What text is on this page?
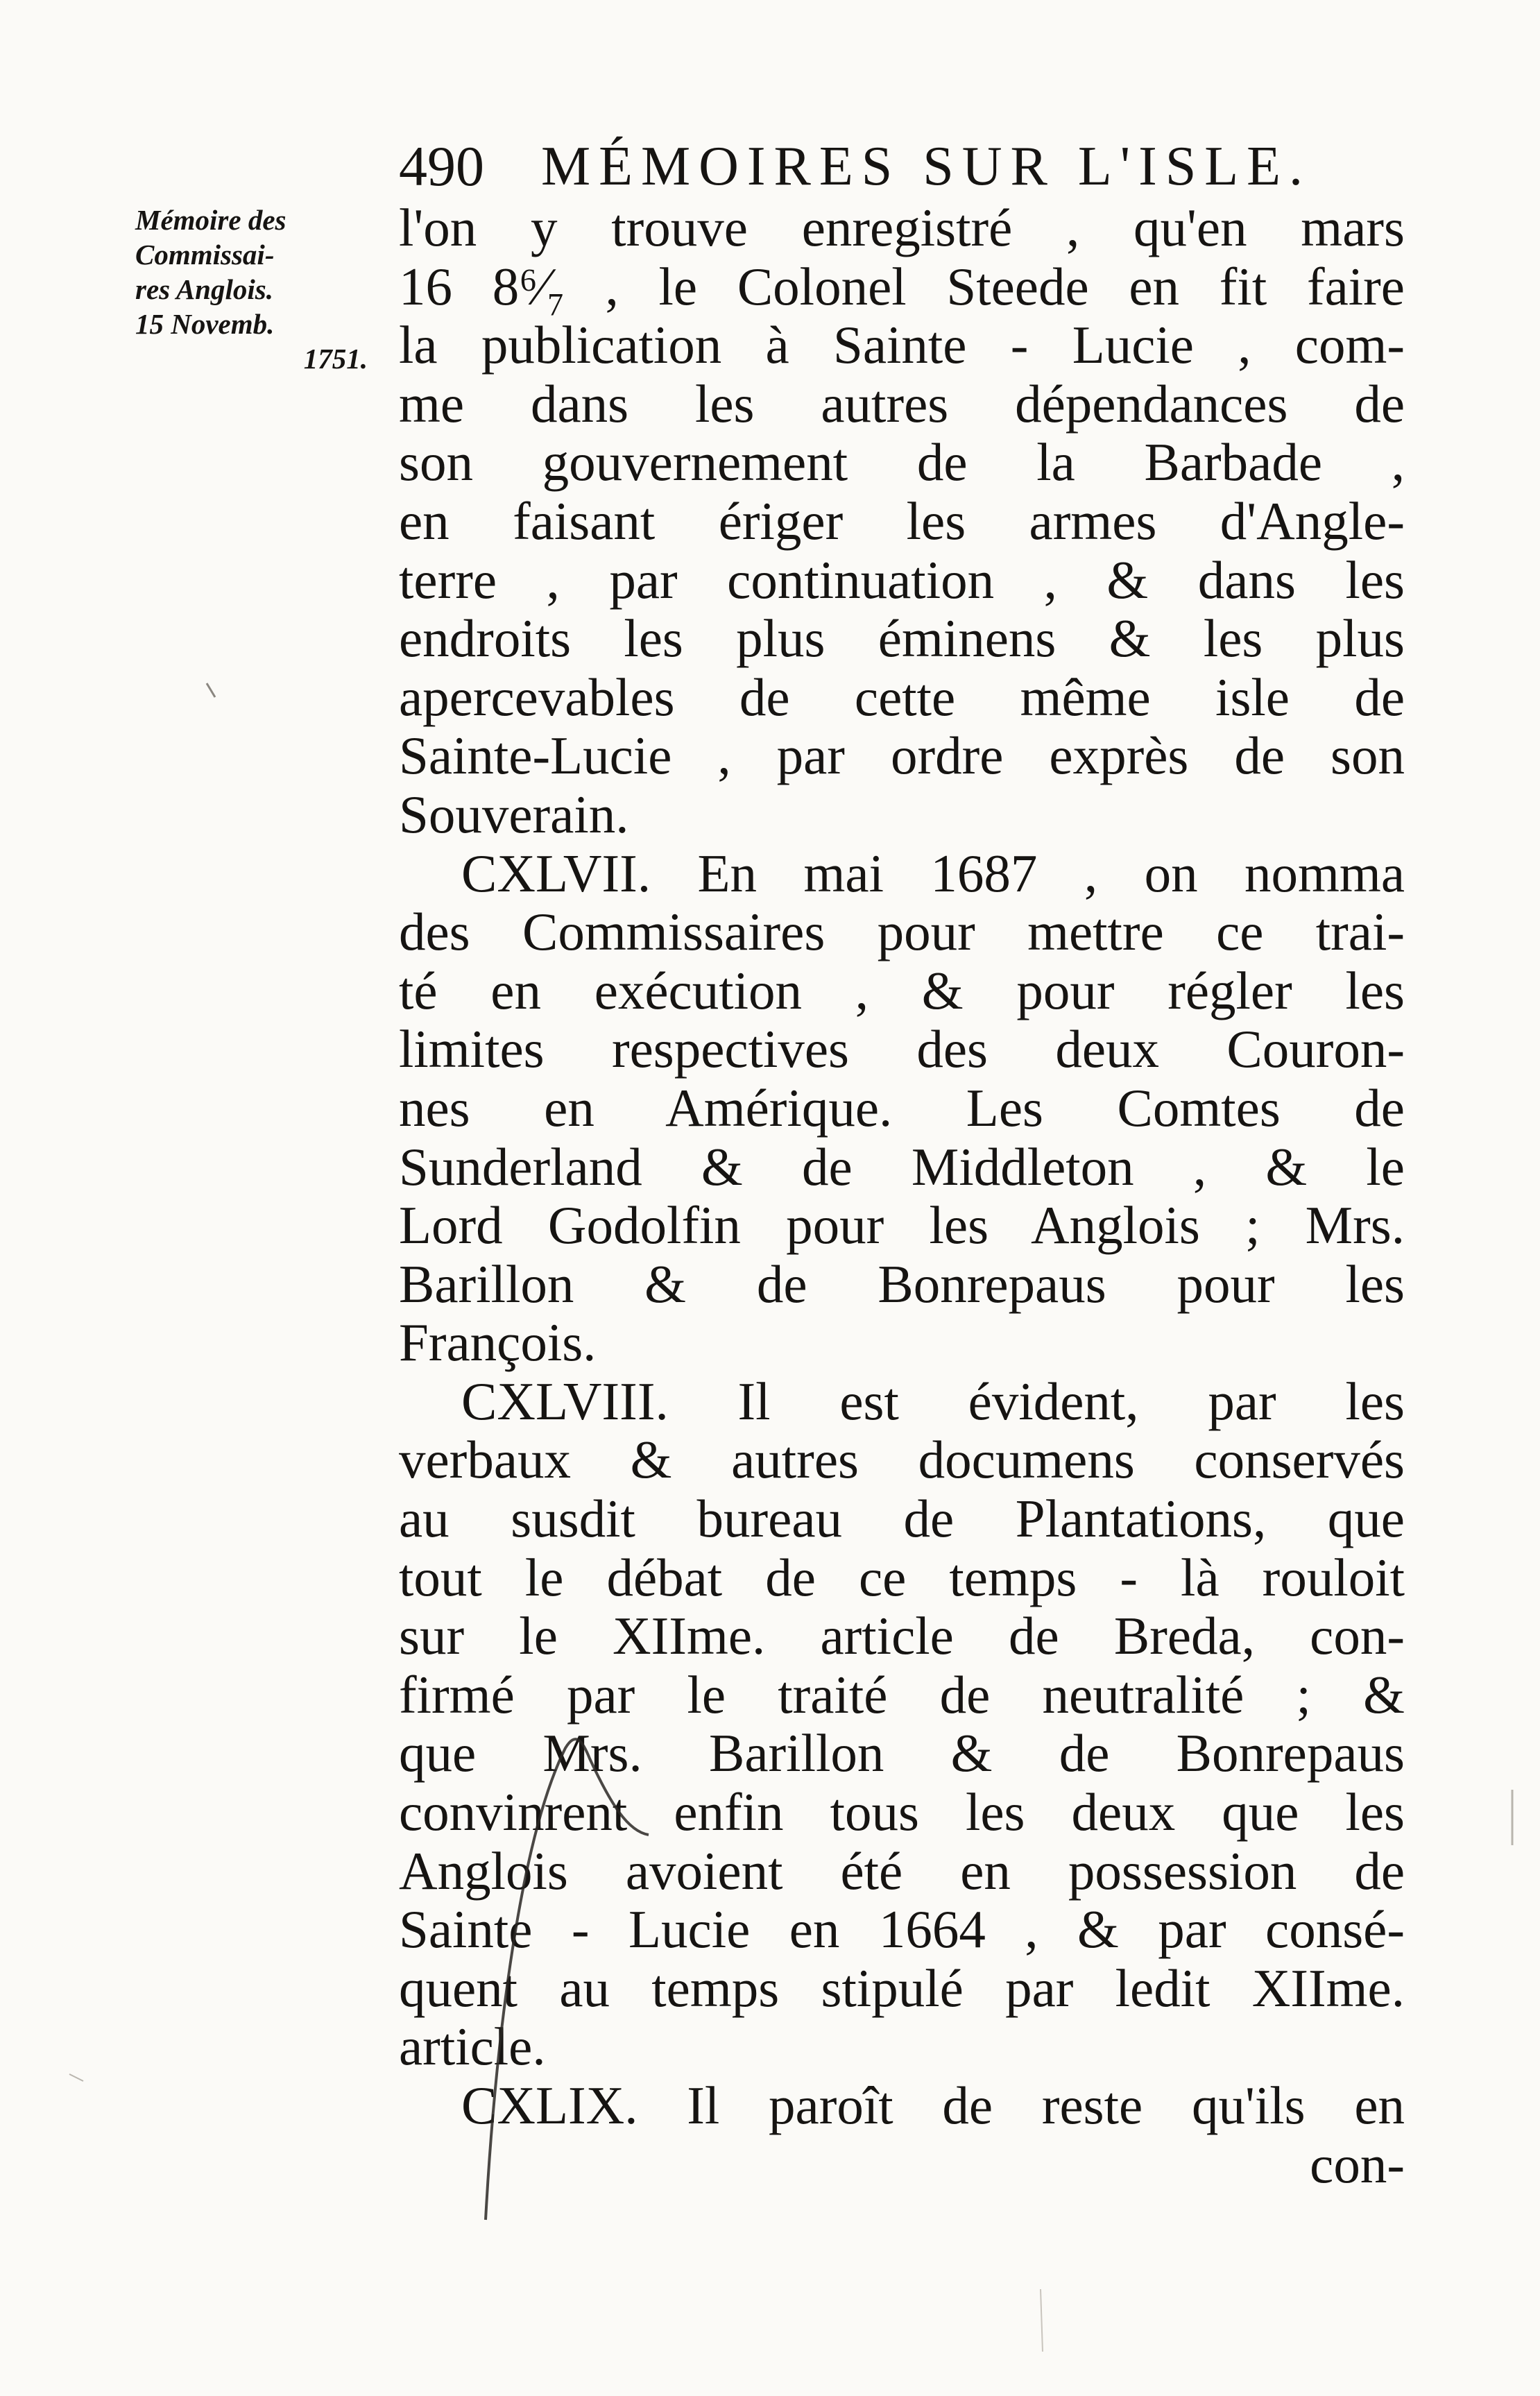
490 MÉMOIRES SUR L'ISLE.
Mémoire des
Commissai-
res Anglois.
15 Novemb.
1751.
l'on y trouve enregistré , qu'en mars
16 8⁶⁄₇ , le Colonel Steede en fit faire
la publication à Sainte - Lucie , com-
me dans les autres dépendances de
son gouvernement de la Barbade ,
en faisant ériger les armes d'Angle-
terre , par continuation , & dans les
endroits les plus éminens & les plus
apercevables de cette même isle de
Sainte-Lucie , par ordre exprès de son
Souverain.
CXLVII. En mai 1687 , on nomma
des Commissaires pour mettre ce trai-
té en exécution , & pour régler les
limites respectives des deux Couron-
nes en Amérique. Les Comtes de
Sunderland & de Middleton , & le
Lord Godolfin pour les Anglois ; Mrs.
Barillon & de Bonrepaus pour les
François.
CXLVIII. Il est évident, par les
verbaux & autres documens conservés
au susdit bureau de Plantations, que
tout le débat de ce temps - là rouloit
sur le XIIme. article de Breda, con-
firmé par le traité de neutralité ; &
que Mrs. Barillon & de Bonrepaus
convinrent enfin tous les deux que les
Anglois avoient été en possession de
Sainte - Lucie en 1664 , & par consé-
quent au temps stipulé par ledit XIIme.
article.
CXLIX. Il paroît de reste qu'ils en
con-
